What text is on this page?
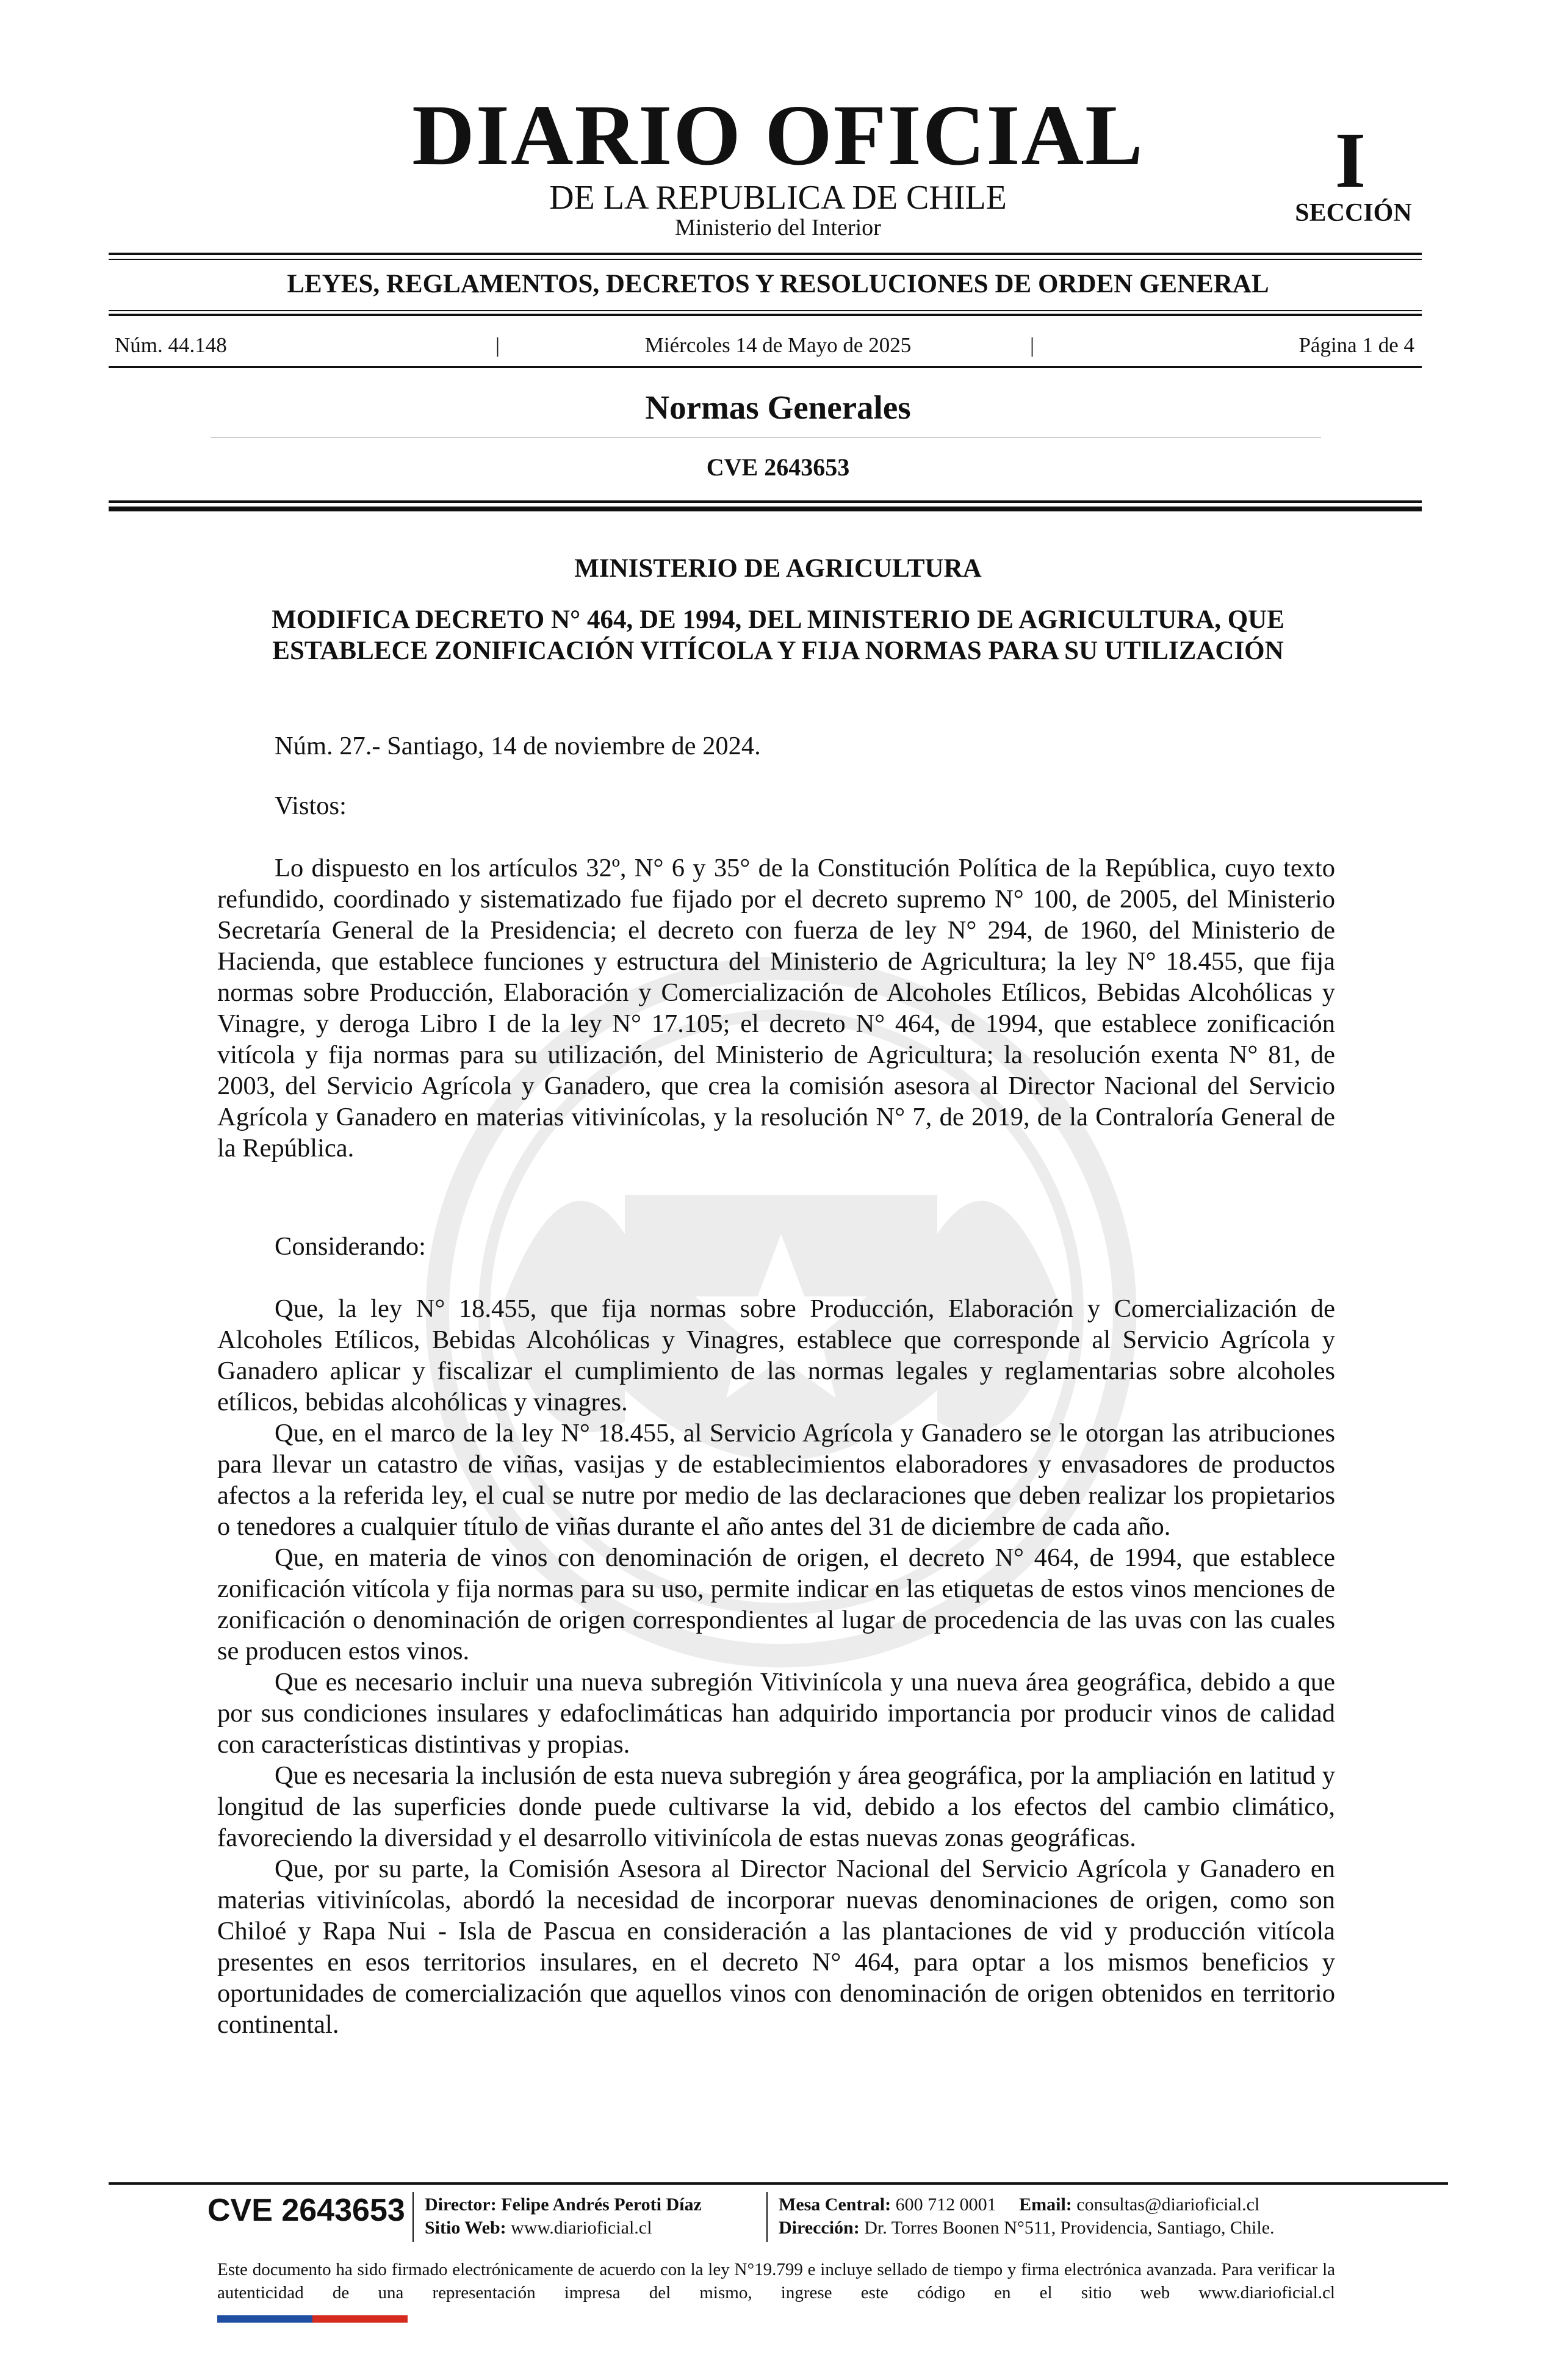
DIARIO OFICIAL
DE LA REPUBLICA DE CHILE
Ministerio del Interior
I
SECCIÓN
LEYES, REGLAMENTOS, DECRETOS Y RESOLUCIONES DE ORDEN GENERAL
Núm. 44.148	|	Miércoles 14 de Mayo de 2025	|	Página 1 de 4
Normas Generales
CVE 2643653
MINISTERIO DE AGRICULTURA
MODIFICA DECRETO N° 464, DE 1994, DEL MINISTERIO DE AGRICULTURA, QUE ESTABLECE ZONIFICACIÓN VITÍCOLA Y FIJA NORMAS PARA SU UTILIZACIÓN
Núm. 27.- Santiago, 14 de noviembre de 2024.
Vistos:

Lo dispuesto en los artículos 32º, N° 6 y 35° de la Constitución Política de la República, cuyo texto refundido, coordinado y sistematizado fue fijado por el decreto supremo N° 100, de 2005, del Ministerio Secretaría General de la Presidencia; el decreto con fuerza de ley N° 294, de 1960, del Ministerio de Hacienda, que establece funciones y estructura del Ministerio de Agricultura; la ley N° 18.455, que fija normas sobre Producción, Elaboración y Comercialización de Alcoholes Etílicos, Bebidas Alcohólicas y Vinagre, y deroga Libro I de la ley N° 17.105; el decreto N° 464, de 1994, que establece zonificación vitícola y fija normas para su utilización, del Ministerio de Agricultura; la resolución exenta N° 81, de 2003, del Servicio Agrícola y Ganadero, que crea la comisión asesora al Director Nacional del Servicio Agrícola y Ganadero en materias vitivinícolas, y la resolución N° 7, de 2019, de la Contraloría General de la República.

Considerando:

Que, la ley N° 18.455, que fija normas sobre Producción, Elaboración y Comercialización de Alcoholes Etílicos, Bebidas Alcohólicas y Vinagres, establece que corresponde al Servicio Agrícola y Ganadero aplicar y fiscalizar el cumplimiento de las normas legales y reglamentarias sobre alcoholes etílicos, bebidas alcohólicas y vinagres.

Que, en el marco de la ley N° 18.455, al Servicio Agrícola y Ganadero se le otorgan las atribuciones para llevar un catastro de viñas, vasijas y de establecimientos elaboradores y envasadores de productos afectos a la referida ley, el cual se nutre por medio de las declaraciones que deben realizar los propietarios o tenedores a cualquier título de viñas durante el año antes del 31 de diciembre de cada año.

Que, en materia de vinos con denominación de origen, el decreto N° 464, de 1994, que establece zonificación vitícola y fija normas para su uso, permite indicar en las etiquetas de estos vinos menciones de zonificación o denominación de origen correspondientes al lugar de procedencia de las uvas con las cuales se producen estos vinos.

Que es necesario incluir una nueva subregión Vitivinícola y una nueva área geográfica, debido a que por sus condiciones insulares y edafoclimáticas han adquirido importancia por producir vinos de calidad con características distintivas y propias.

Que es necesaria la inclusión de esta nueva subregión y área geográfica, por la ampliación en latitud y longitud de las superficies donde puede cultivarse la vid, debido a los efectos del cambio climático, favoreciendo la diversidad y el desarrollo vitivinícola de estas nuevas zonas geográficas.

Que, por su parte, la Comisión Asesora al Director Nacional del Servicio Agrícola y Ganadero en materias vitivinícolas, abordó la necesidad de incorporar nuevas denominaciones de origen, como son Chiloé y Rapa Nui - Isla de Pascua en consideración a las plantaciones de vid y producción vitícola presentes en esos territorios insulares, en el decreto N° 464, para optar a los mismos beneficios y oportunidades de comercialización que aquellos vinos con denominación de origen obtenidos en territorio continental.

CVE 2643653 Director: Felipe Andrés Peroti Díaz
Sitio Web: www.diarioficial.cl
Mesa Central: 600 712 0001 Email: consultas@diarioficial.cl
Dirección: Dr. Torres Boonen N°511, Providencia, Santiago, Chile.
Este documento ha sido firmado electrónicamente de acuerdo con la ley N°19.799 e incluye sellado de tiempo y firma electrónica avanzada. Para verificar la autenticidad de una representación impresa del mismo, ingrese este código en el sitio web www.diarioficial.cl
